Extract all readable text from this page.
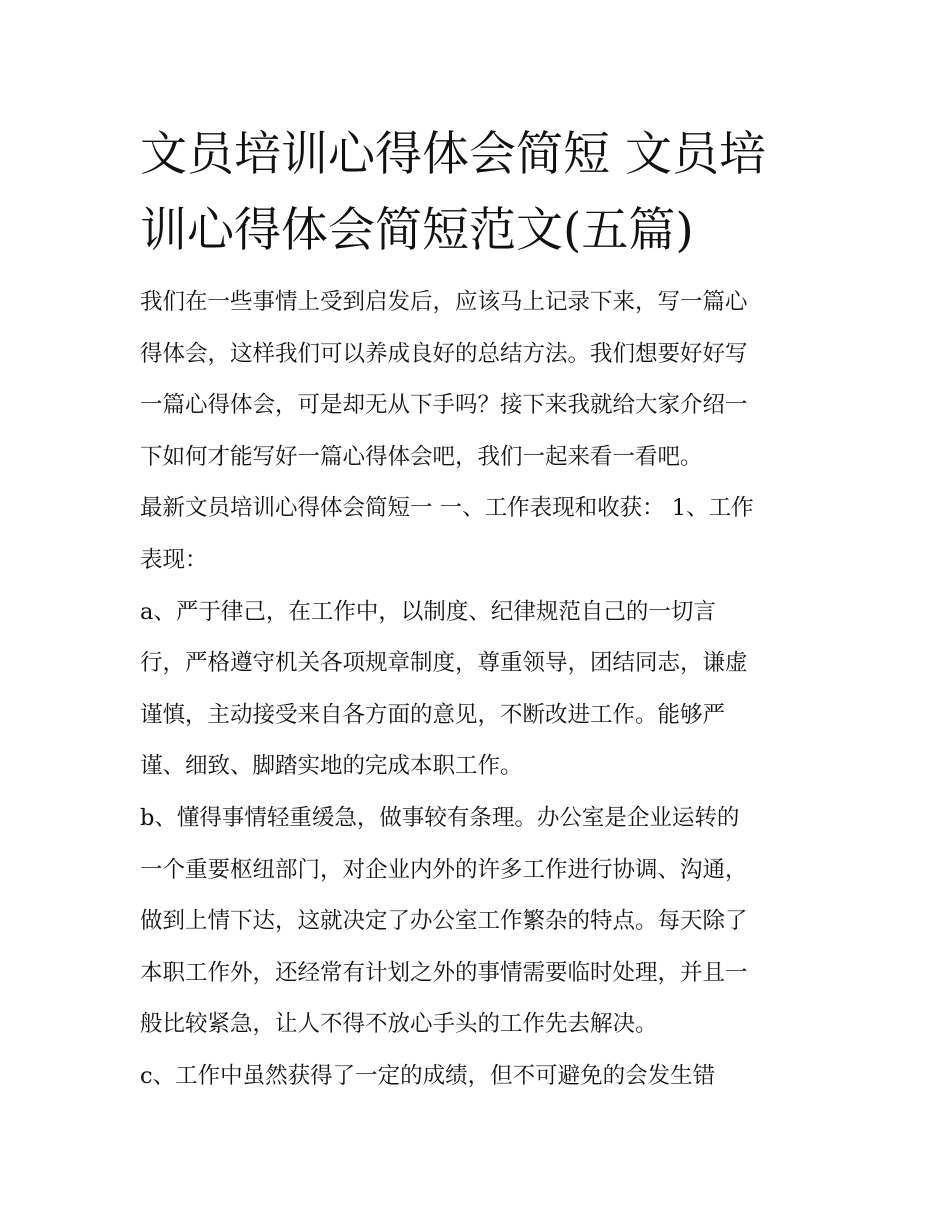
文员培训心得体会简短 文员培
训心得体会简短范文(五篇)
我们在一些事情上受到启发后，应该马上记录下来，写一篇心
得体会，这样我们可以养成良好的总结方法。我们想要好好写
一篇心得体会，可是却无从下手吗？接下来我就给大家介绍一
下如何才能写好一篇心得体会吧，我们一起来看一看吧。
最新文员培训心得体会简短一 一、工作表现和收获： 1、工作
表现：
a、严于律己，在工作中，以制度、纪律规范自己的一切言
行，严格遵守机关各项规章制度，尊重领导，团结同志，谦虚
谨慎，主动接受来自各方面的意见，不断改进工作。能够严
谨、细致、脚踏实地的完成本职工作。
b、懂得事情轻重缓急，做事较有条理。办公室是企业运转的
一个重要枢纽部门，对企业内外的许多工作进行协调、沟通，
做到上情下达，这就决定了办公室工作繁杂的特点。每天除了
本职工作外，还经常有计划之外的事情需要临时处理，并且一
般比较紧急，让人不得不放心手头的工作先去解决。
c、工作中虽然获得了一定的成绩，但不可避免的会发生错
